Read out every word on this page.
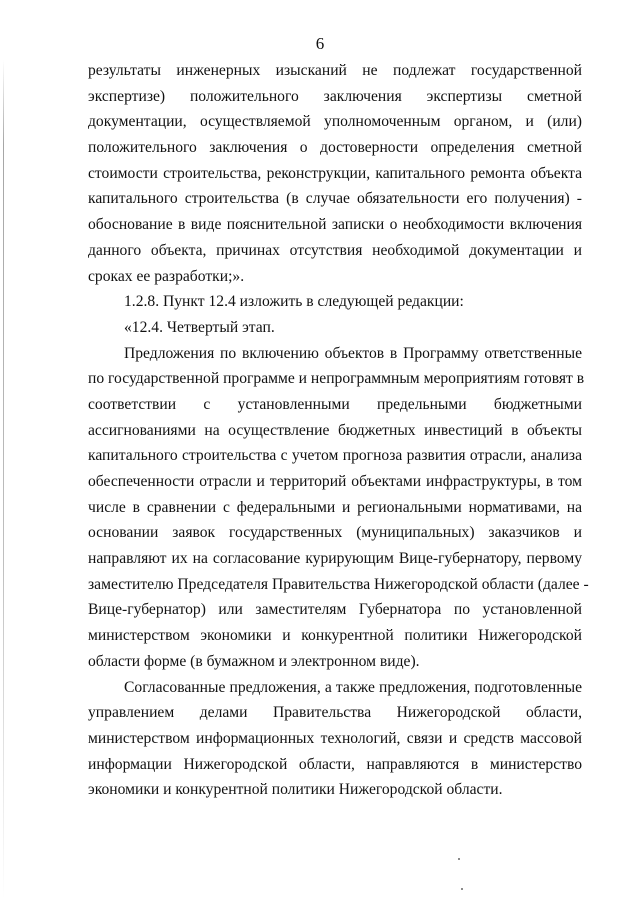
6
результаты инженерных изысканий не подлежат государственной
экспертизе) положительного заключения экспертизы сметной
документации, осуществляемой уполномоченным органом, и (или)
положительного заключения о достоверности определения сметной
стоимости строительства, реконструкции, капитального ремонта объекта
капитального строительства (в случае обязательности его получения) -
обоснование в виде пояснительной записки о необходимости включения
данного объекта, причинах отсутствия необходимой документации и
сроках ее разработки;».
1.2.8. Пункт 12.4 изложить в следующей редакции:
«12.4. Четвертый этап.
Предложения по включению объектов в Программу ответственные
по государственной программе и непрограммным мероприятиям готовят в
соответствии с установленными предельными бюджетными
ассигнованиями на осуществление бюджетных инвестиций в объекты
капитального строительства с учетом прогноза развития отрасли, анализа
обеспеченности отрасли и территорий объектами инфраструктуры, в том
числе в сравнении с федеральными и региональными нормативами, на
основании заявок государственных (муниципальных) заказчиков и
направляют их на согласование курирующим Вице-губернатору, первому
заместителю Председателя Правительства Нижегородской области (далее -
Вице-губернатор) или заместителям Губернатора по установленной
министерством экономики и конкурентной политики Нижегородской
области форме (в бумажном и электронном виде).
Согласованные предложения, а также предложения, подготовленные
управлением делами Правительства Нижегородской области,
министерством информационных технологий, связи и средств массовой
информации Нижегородской области, направляются в министерство
экономики и конкурентной политики Нижегородской области.
